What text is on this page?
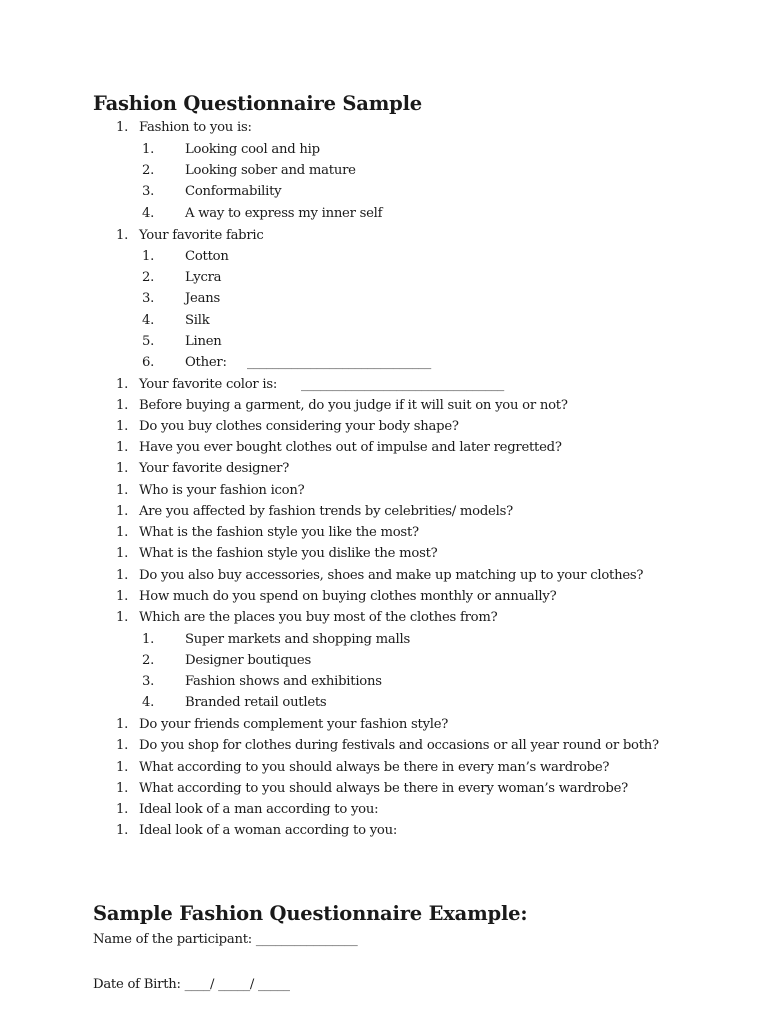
Fashion Questionnaire Sample
1. Fashion to you is:
1. Looking cool and hip
2. Looking sober and mature
3. Conformability
4. A way to express my inner self
1. Your favorite fabric
1. Cotton
2. Lycra
3. Jeans
4. Silk
5. Linen
6. Other: _____________________________
1. Your favorite color is: ________________________________
1. Before buying a garment, do you judge if it will suit on you or not?
1. Do you buy clothes considering your body shape?
1. Have you ever bought clothes out of impulse and later regretted?
1. Your favorite designer?
1. Who is your fashion icon?
1. Are you affected by fashion trends by celebrities/ models?
1. What is the fashion style you like the most?
1. What is the fashion style you dislike the most?
1. Do you also buy accessories, shoes and make up matching up to your clothes?
1. How much do you spend on buying clothes monthly or annually?
1. Which are the places you buy most of the clothes from?
1. Super markets and shopping malls
2. Designer boutiques
3. Fashion shows and exhibitions
4. Branded retail outlets
1. Do your friends complement your fashion style?
1. Do you shop for clothes during festivals and occasions or all year round or both?
1. What according to you should always be there in every man’s wardrobe?
1. What according to you should always be there in every woman’s wardrobe?
1. Ideal look of a man according to you:
1. Ideal look of a woman according to you:
Sample Fashion Questionnaire Example:
Name of the participant: ________________
Date of Birth: ____/ _____/ _____
